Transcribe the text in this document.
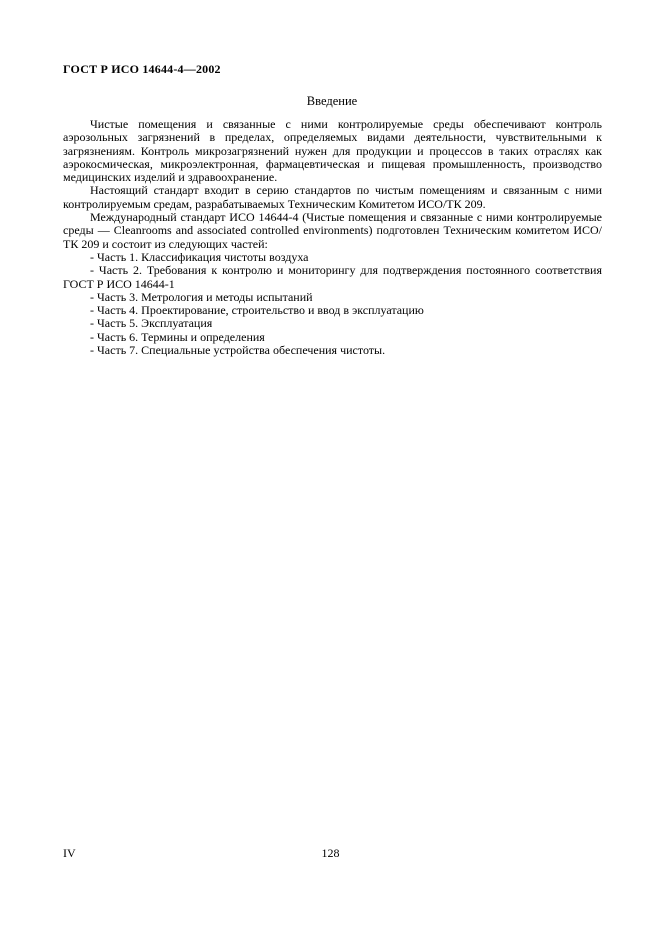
ГОСТ Р ИСО 14644-4—2002
Введение

Чистые помещения и связанные с ними контролируемые среды обеспечивают контроль аэрозольных загрязнений в пределах, определяемых видами деятельности, чувствительными к загрязнениям. Контроль микрозагрязнений нужен для продукции и процессов в таких отраслях как аэрокосмическая, микроэлектронная, фармацевтическая и пищевая промышленность, производство медицинских изделий и здравоохранение.

Настоящий стандарт входит в серию стандартов по чистым помещениям и связанным с ними контролируемым средам, разрабатываемых Техническим Комитетом ИСО/ТК 209.

Международный стандарт ИСО 14644-4 (Чистые помещения и связанные с ними контролируемые среды — Cleanrooms and associated controlled environments) подготовлен Техническим комитетом ИСО/ТК 209 и состоит из следующих частей:

- Часть 1. Классификация чистоты воздуха

- Часть 2. Требования к контролю и мониторингу для подтверждения постоянного соответствия ГОСТ Р ИСО 14644-1

- Часть 3. Метрология и методы испытаний

- Часть 4. Проектирование, строительство и ввод в эксплуатацию

- Часть 5. Эксплуатация

- Часть 6. Термины и определения

- Часть 7. Специальные устройства обеспечения чистоты.

IV	128
